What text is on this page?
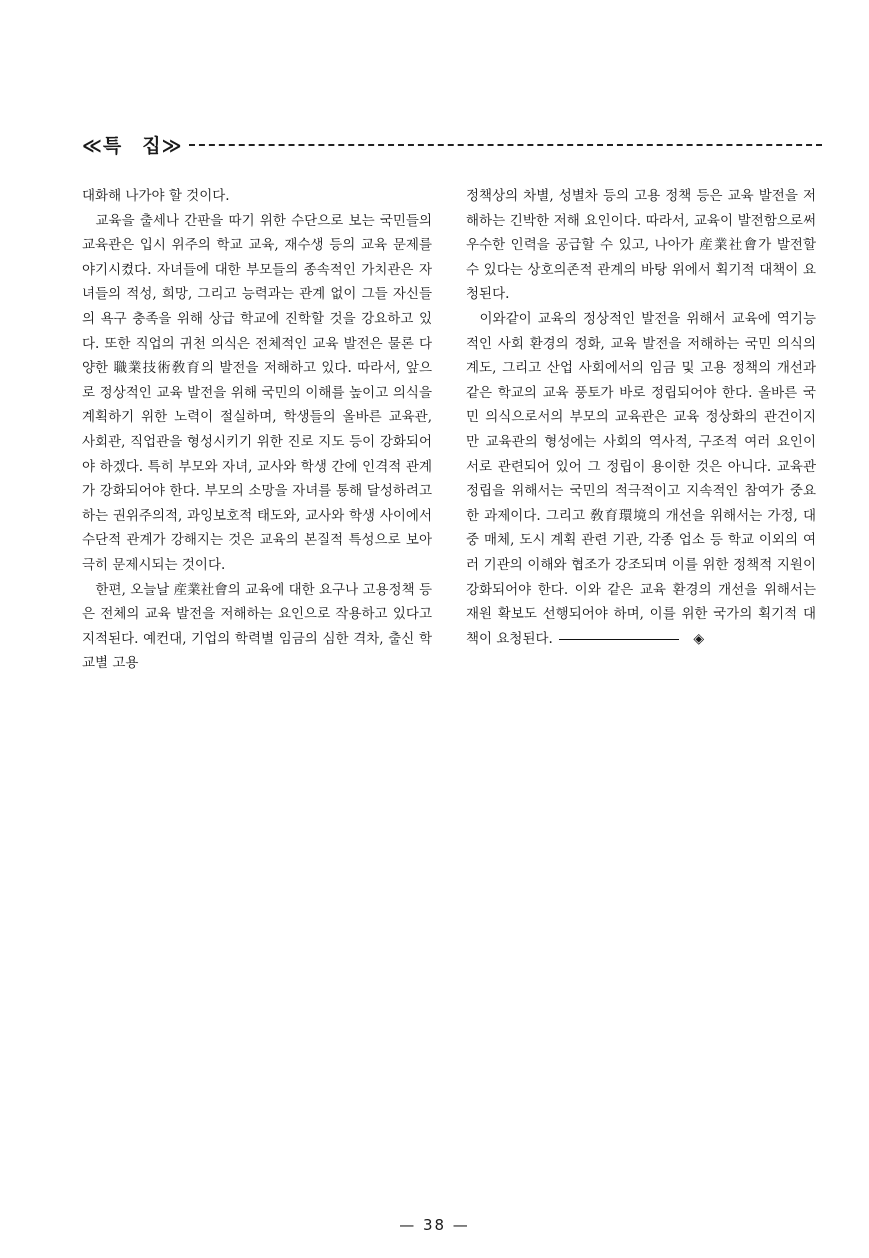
≪특　집≫

대화해 나가야 할 것이다.

교육을 출세나 간판을 따기 위한 수단으로 보는 국민들의 교육관은 입시 위주의 학교 교육, 재수생 등의 교육 문제를 야기시켰다. 자녀들에 대한 부모들의 종속적인 가치관은 자녀들의 적성, 희망, 그리고 능력과는 관계 없이 그들 자신들의 욕구 충족을 위해 상급 학교에 진학할 것을 강요하고 있다. 또한 직업의 귀천 의식은 전체적인 교육 발전은 물론 다양한 職業技術敎育의 발전을 저해하고 있다. 따라서, 앞으로 정상적인 교육 발전을 위해 국민의 이해를 높이고 의식을 계획하기 위한 노력이 절실하며, 학생들의 올바른 교육관, 사회관, 직업관을 형성시키기 위한 진로 지도 등이 강화되어야 하겠다. 특히 부모와 자녀, 교사와 학생 간에 인격적 관계가 강화되어야 한다. 부모의 소망을 자녀를 통해 달성하려고 하는 권위주의적, 과잉보호적 태도와, 교사와 학생 사이에서 수단적 관계가 강해지는 것은 교육의 본질적 특성으로 보아 극히 문제시되는 것이다.

한편, 오늘날 産業社會의 교육에 대한 요구나 고용정책 등은 전체의 교육 발전을 저해하는 요인으로 작용하고 있다고 지적된다. 예컨대, 기업의 학력별 임금의 심한 격차, 출신 학교별 고용

정책상의 차별, 성별차 등의 고용 정책 등은 교육 발전을 저해하는 긴박한 저해 요인이다. 따라서, 교육이 발전함으로써 우수한 인력을 공급할 수 있고, 나아가 産業社會가 발전할 수 있다는 상호의존적 관계의 바탕 위에서 획기적 대책이 요청된다.

이와같이 교육의 정상적인 발전을 위해서 교육에 역기능적인 사회 환경의 정화, 교육 발전을 저해하는 국민 의식의 계도, 그리고 산업 사회에서의 임금 및 고용 정책의 개선과 같은 학교의 교육 풍토가 바로 정립되어야 한다. 올바른 국민 의식으로서의 부모의 교육관은 교육 정상화의 관건이지만 교육관의 형성에는 사회의 역사적, 구조적 여러 요인이 서로 관련되어 있어 그 정립이 용이한 것은 아니다. 교육관 정립을 위해서는 국민의 적극적이고 지속적인 참여가 중요한 과제이다. 그리고 敎育環境의 개선을 위해서는 가정, 대중 매체, 도시 계획 관련 기관, 각종 업소 등 학교 이외의 여러 기관의 이해와 협조가 강조되며 이를 위한 정책적 지원이 강화되어야 한다. 이와 같은 교육 환경의 개선을 위해서는 재원 확보도 선행되어야 하며, 이를 위한 국가의 획기적 대책이 요청된다.	◈

— 38 —
